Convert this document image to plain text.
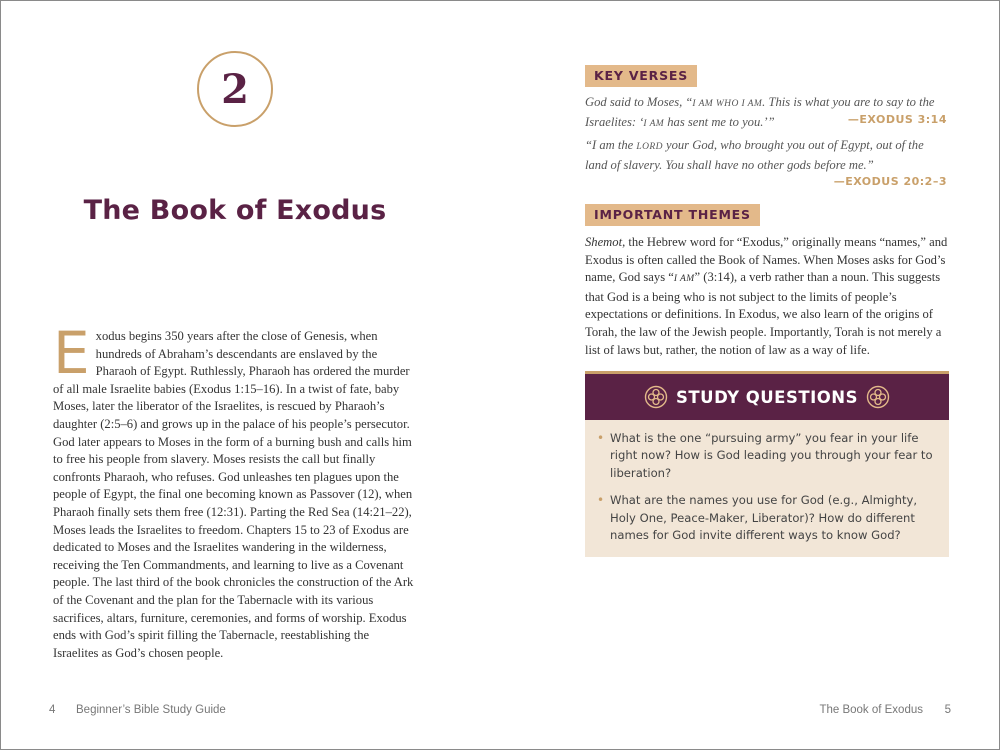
2
The Book of Exodus

Exodus begins 350 years after the close of Genesis, when hundreds of Abraham’s descendants are enslaved by the Pharaoh of Egypt. Ruthlessly, Pharaoh has ordered the murder of all male Israelite babies (Exodus 1:15–16). In a twist of fate, baby Moses, later the liberator of the Israelites, is rescued by Pharaoh’s daughter (2:5–6) and grows up in the palace of his people’s persecutor. God later appears to Moses in the form of a burning bush and calls him to free his people from slavery. Moses resists the call but finally confronts Pharaoh, who refuses. God unleashes ten plagues upon the people of Egypt, the final one becoming known as Passover (12), when Pharaoh finally sets them free (12:31). Parting the Red Sea (14:21–22), Moses leads the Israelites to freedom. Chapters 15 to 23 of Exodus are dedicated to Moses and the Israelites wandering in the wilderness, receiving the Ten Commandments, and learning to live as a Covenant people. The last third of the book chronicles the construction of the Ark of the Covenant and the plan for the Tabernacle with its various sacrifices, altars, furniture, ceremonies, and forms of worship. Exodus ends with God’s spirit filling the Tabernacle, reestablishing the Israelites as God’s chosen people.

4 Beginner’s Bible Study Guide
KEY VERSES

God said to Moses, “I AM WHO I AM. This is what you are to say to the Israelites: ‘I AM has sent me to you.’”	—EXODUS 3:14

“I am the LORD your God, who brought you out of Egypt, out of the land of slavery. You shall have no other gods before me.”

—EXODUS 20:2–3
IMPORTANT THEMES

Shemot, the Hebrew word for “Exodus,” originally means “names,” and Exodus is often called the Book of Names. When Moses asks for God’s name, God says “I AM” (3:14), a verb rather than a noun. This suggests that God is a being who is not subject to the limits of people’s expectations or definitions. In Exodus, we also learn of the origins of Torah, the law of the Jewish people. Importantly, Torah is not merely a list of laws but, rather, the notion of law as a way of life.

STUDY QUESTIONS
• What is the one “pursuing army” you fear in your life right now? How is God leading you through your fear to liberation?
• What are the names you use for God (e.g., Almighty, Holy One, Peace-Maker, Liberator)? How do different names for God invite different ways to know God?
The Book of Exodus 5
